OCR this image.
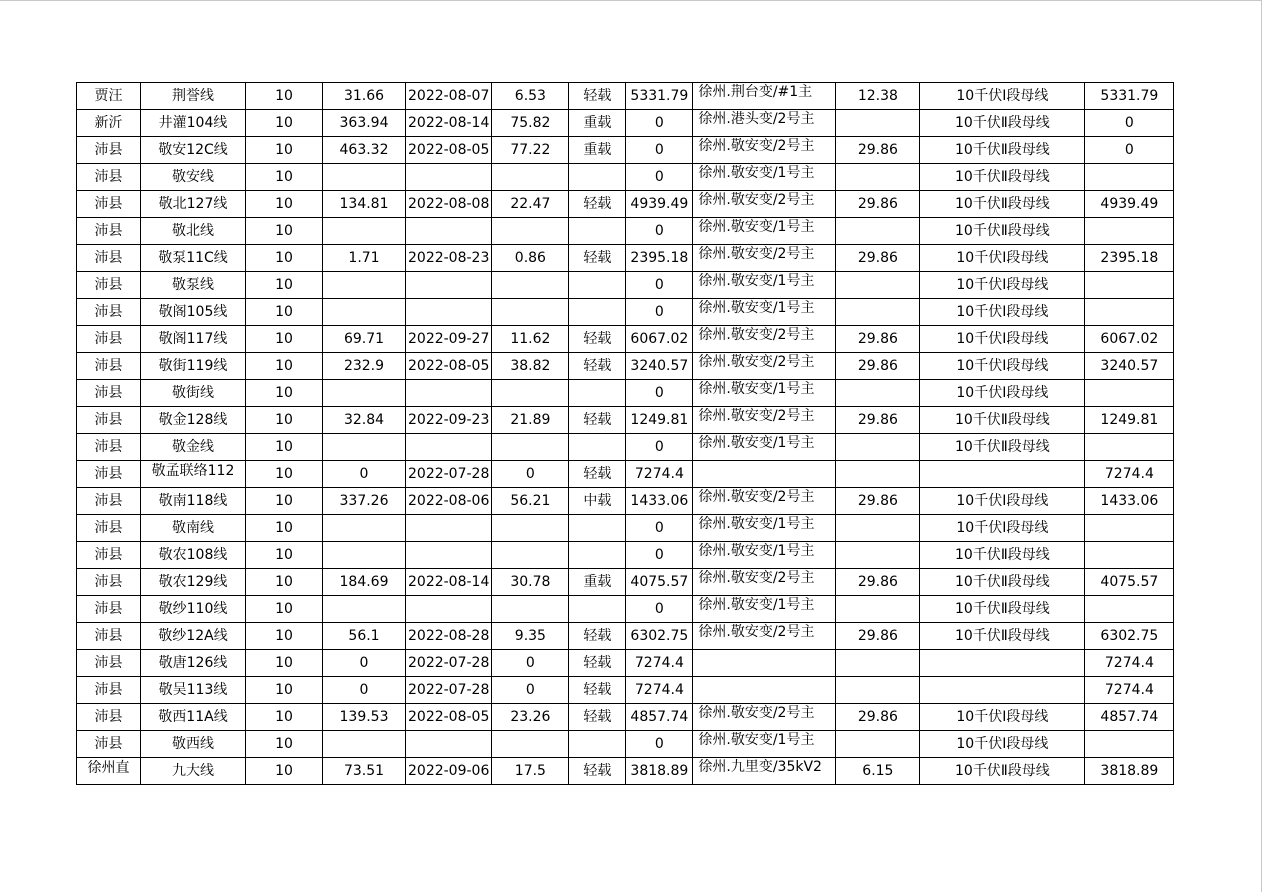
贾汪	荆誉线	10	31.66	2022-08-07	6.53	轻载	5331.79	徐州.荆台变/#1主	12.38	10千伏Ⅰ段母线	5331.79
新沂	井灌104线	10	363.94	2022-08-14	75.82	重载	0	徐州.港头变/2号主		10千伏Ⅱ段母线	0
沛县	敬安12C线	10	463.32	2022-08-05	77.22	重载	0	徐州.敬安变/2号主	29.86	10千伏Ⅱ段母线	0
沛县	敬安线	10					0	徐州.敬安变/1号主		10千伏Ⅱ段母线	
沛县	敬北127线	10	134.81	2022-08-08	22.47	轻载	4939.49	徐州.敬安变/2号主	29.86	10千伏Ⅱ段母线	4939.49
沛县	敬北线	10					0	徐州.敬安变/1号主		10千伏Ⅱ段母线	
沛县	敬泵11C线	10	1.71	2022-08-23	0.86	轻载	2395.18	徐州.敬安变/2号主	29.86	10千伏Ⅰ段母线	2395.18
沛县	敬泵线	10					0	徐州.敬安变/1号主		10千伏Ⅰ段母线	
沛县	敬阁105线	10					0	徐州.敬安变/1号主		10千伏Ⅰ段母线	
沛县	敬阁117线	10	69.71	2022-09-27	11.62	轻载	6067.02	徐州.敬安变/2号主	29.86	10千伏Ⅰ段母线	6067.02
沛县	敬街119线	10	232.9	2022-08-05	38.82	轻载	3240.57	徐州.敬安变/2号主	29.86	10千伏Ⅰ段母线	3240.57
沛县	敬街线	10					0	徐州.敬安变/1号主		10千伏Ⅰ段母线	
沛县	敬金128线	10	32.84	2022-09-23	21.89	轻载	1249.81	徐州.敬安变/2号主	29.86	10千伏Ⅱ段母线	1249.81
沛县	敬金线	10					0	徐州.敬安变/1号主		10千伏Ⅱ段母线	
沛县	敬孟联络112	10	0	2022-07-28	0	轻载	7274.4				7274.4
沛县	敬南118线	10	337.26	2022-08-06	56.21	中载	1433.06	徐州.敬安变/2号主	29.86	10千伏Ⅰ段母线	1433.06
沛县	敬南线	10					0	徐州.敬安变/1号主		10千伏Ⅰ段母线	
沛县	敬农108线	10					0	徐州.敬安变/1号主		10千伏Ⅱ段母线	
沛县	敬农129线	10	184.69	2022-08-14	30.78	重载	4075.57	徐州.敬安变/2号主	29.86	10千伏Ⅱ段母线	4075.57
沛县	敬纱110线	10					0	徐州.敬安变/1号主		10千伏Ⅱ段母线	
沛县	敬纱12A线	10	56.1	2022-08-28	9.35	轻载	6302.75	徐州.敬安变/2号主	29.86	10千伏Ⅱ段母线	6302.75
沛县	敬唐126线	10	0	2022-07-28	0	轻载	7274.4				7274.4
沛县	敬吴113线	10	0	2022-07-28	0	轻载	7274.4				7274.4
沛县	敬西11A线	10	139.53	2022-08-05	23.26	轻载	4857.74	徐州.敬安变/2号主	29.86	10千伏Ⅰ段母线	4857.74
沛县	敬西线	10					0	徐州.敬安变/1号主		10千伏Ⅰ段母线	
徐州直	九大线	10	73.51	2022-09-06	17.5	轻载	3818.89	徐州.九里变/35kV2	6.15	10千伏Ⅱ段母线	3818.89
